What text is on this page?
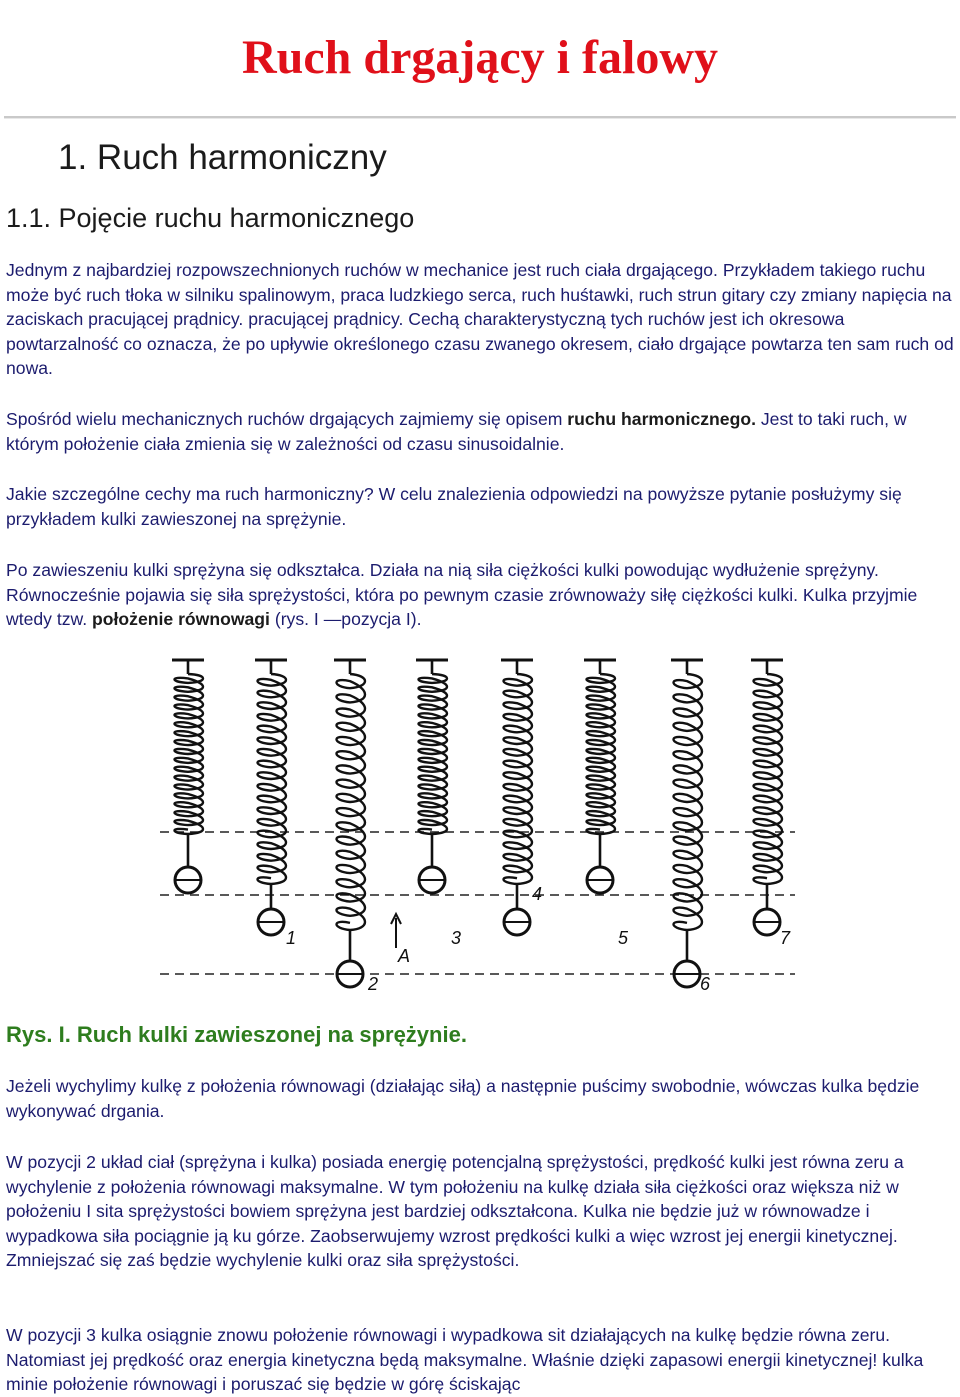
Ruch drgający i falowy
1. Ruch harmoniczny
1.1. Pojęcie ruchu harmonicznego

Jednym z najbardziej rozpowszechnionych ruchów w mechanice jest ruch ciała drgającego. Przykładem takiego ruchu może być ruch tłoka w silniku spalinowym, praca ludzkiego serca, ruch huśtawki, ruch strun gitary czy zmiany napięcia na zaciskach pracującej prądnicy. pracującej prądnicy. Cechą charakterystyczną tych ruchów jest ich okresowa powtarzalność co oznacza, że po upływie określonego czasu zwanego okresem, ciało drgające powtarza ten sam ruch od nowa.

Spośród wielu mechanicznych ruchów drgających zajmiemy się opisem ruchu harmonicznego. Jest to taki ruch, w którym położenie ciała zmienia się w zależności od czasu sinusoidalnie.

Jakie szczególne cechy ma ruch harmoniczny? W celu znalezienia odpowiedzi na powyższe pytanie posłużymy się przykładem kulki zawieszonej na sprężynie.

Po zawieszeniu kulki sprężyna się odkształca. Działa na nią siła ciężkości kulki powodując wydłużenie sprężyny. Równocześnie pojawia się siła sprężystości, która po pewnym czasie zrównoważy siłę ciężkości kulki. Kulka przyjmie wtedy tzw. położenie równowagi (rys. I —pozycja I).

1
2
A
3
4
5
6
7
Rys. I. Ruch kulki zawieszonej na sprężynie.

Jeżeli wychylimy kulkę z położenia równowagi (działając siłą) a następnie puścimy swobodnie, wówczas kulka będzie wykonywać drgania.

W pozycji 2 układ ciał (sprężyna i kulka) posiada energię potencjalną sprężystości, prędkość kulki jest równa zeru a wychylenie z położenia równowagi maksymalne. W tym położeniu na kulkę działa siła ciężkości oraz większa niż w położeniu I sita sprężystości bowiem sprężyna jest bardziej odkształcona. Kulka nie będzie już w równowadze i wypadkowa siła pociągnie ją ku górze. Zaobserwujemy wzrost prędkości kulki a więc wzrost jej energii kinetycznej. Zmniejszać się zaś będzie wychylenie kulki oraz siła sprężystości.

W pozycji 3 kulka osiągnie znowu położenie równowagi i wypadkowa sit działających na kulkę będzie równa zeru. Natomiast jej prędkość oraz energia kinetyczna będą maksymalne. Właśnie dzięki zapasowi energii kinetycznej! kulka minie położenie równowagi i poruszać się będzie w górę ściskając
